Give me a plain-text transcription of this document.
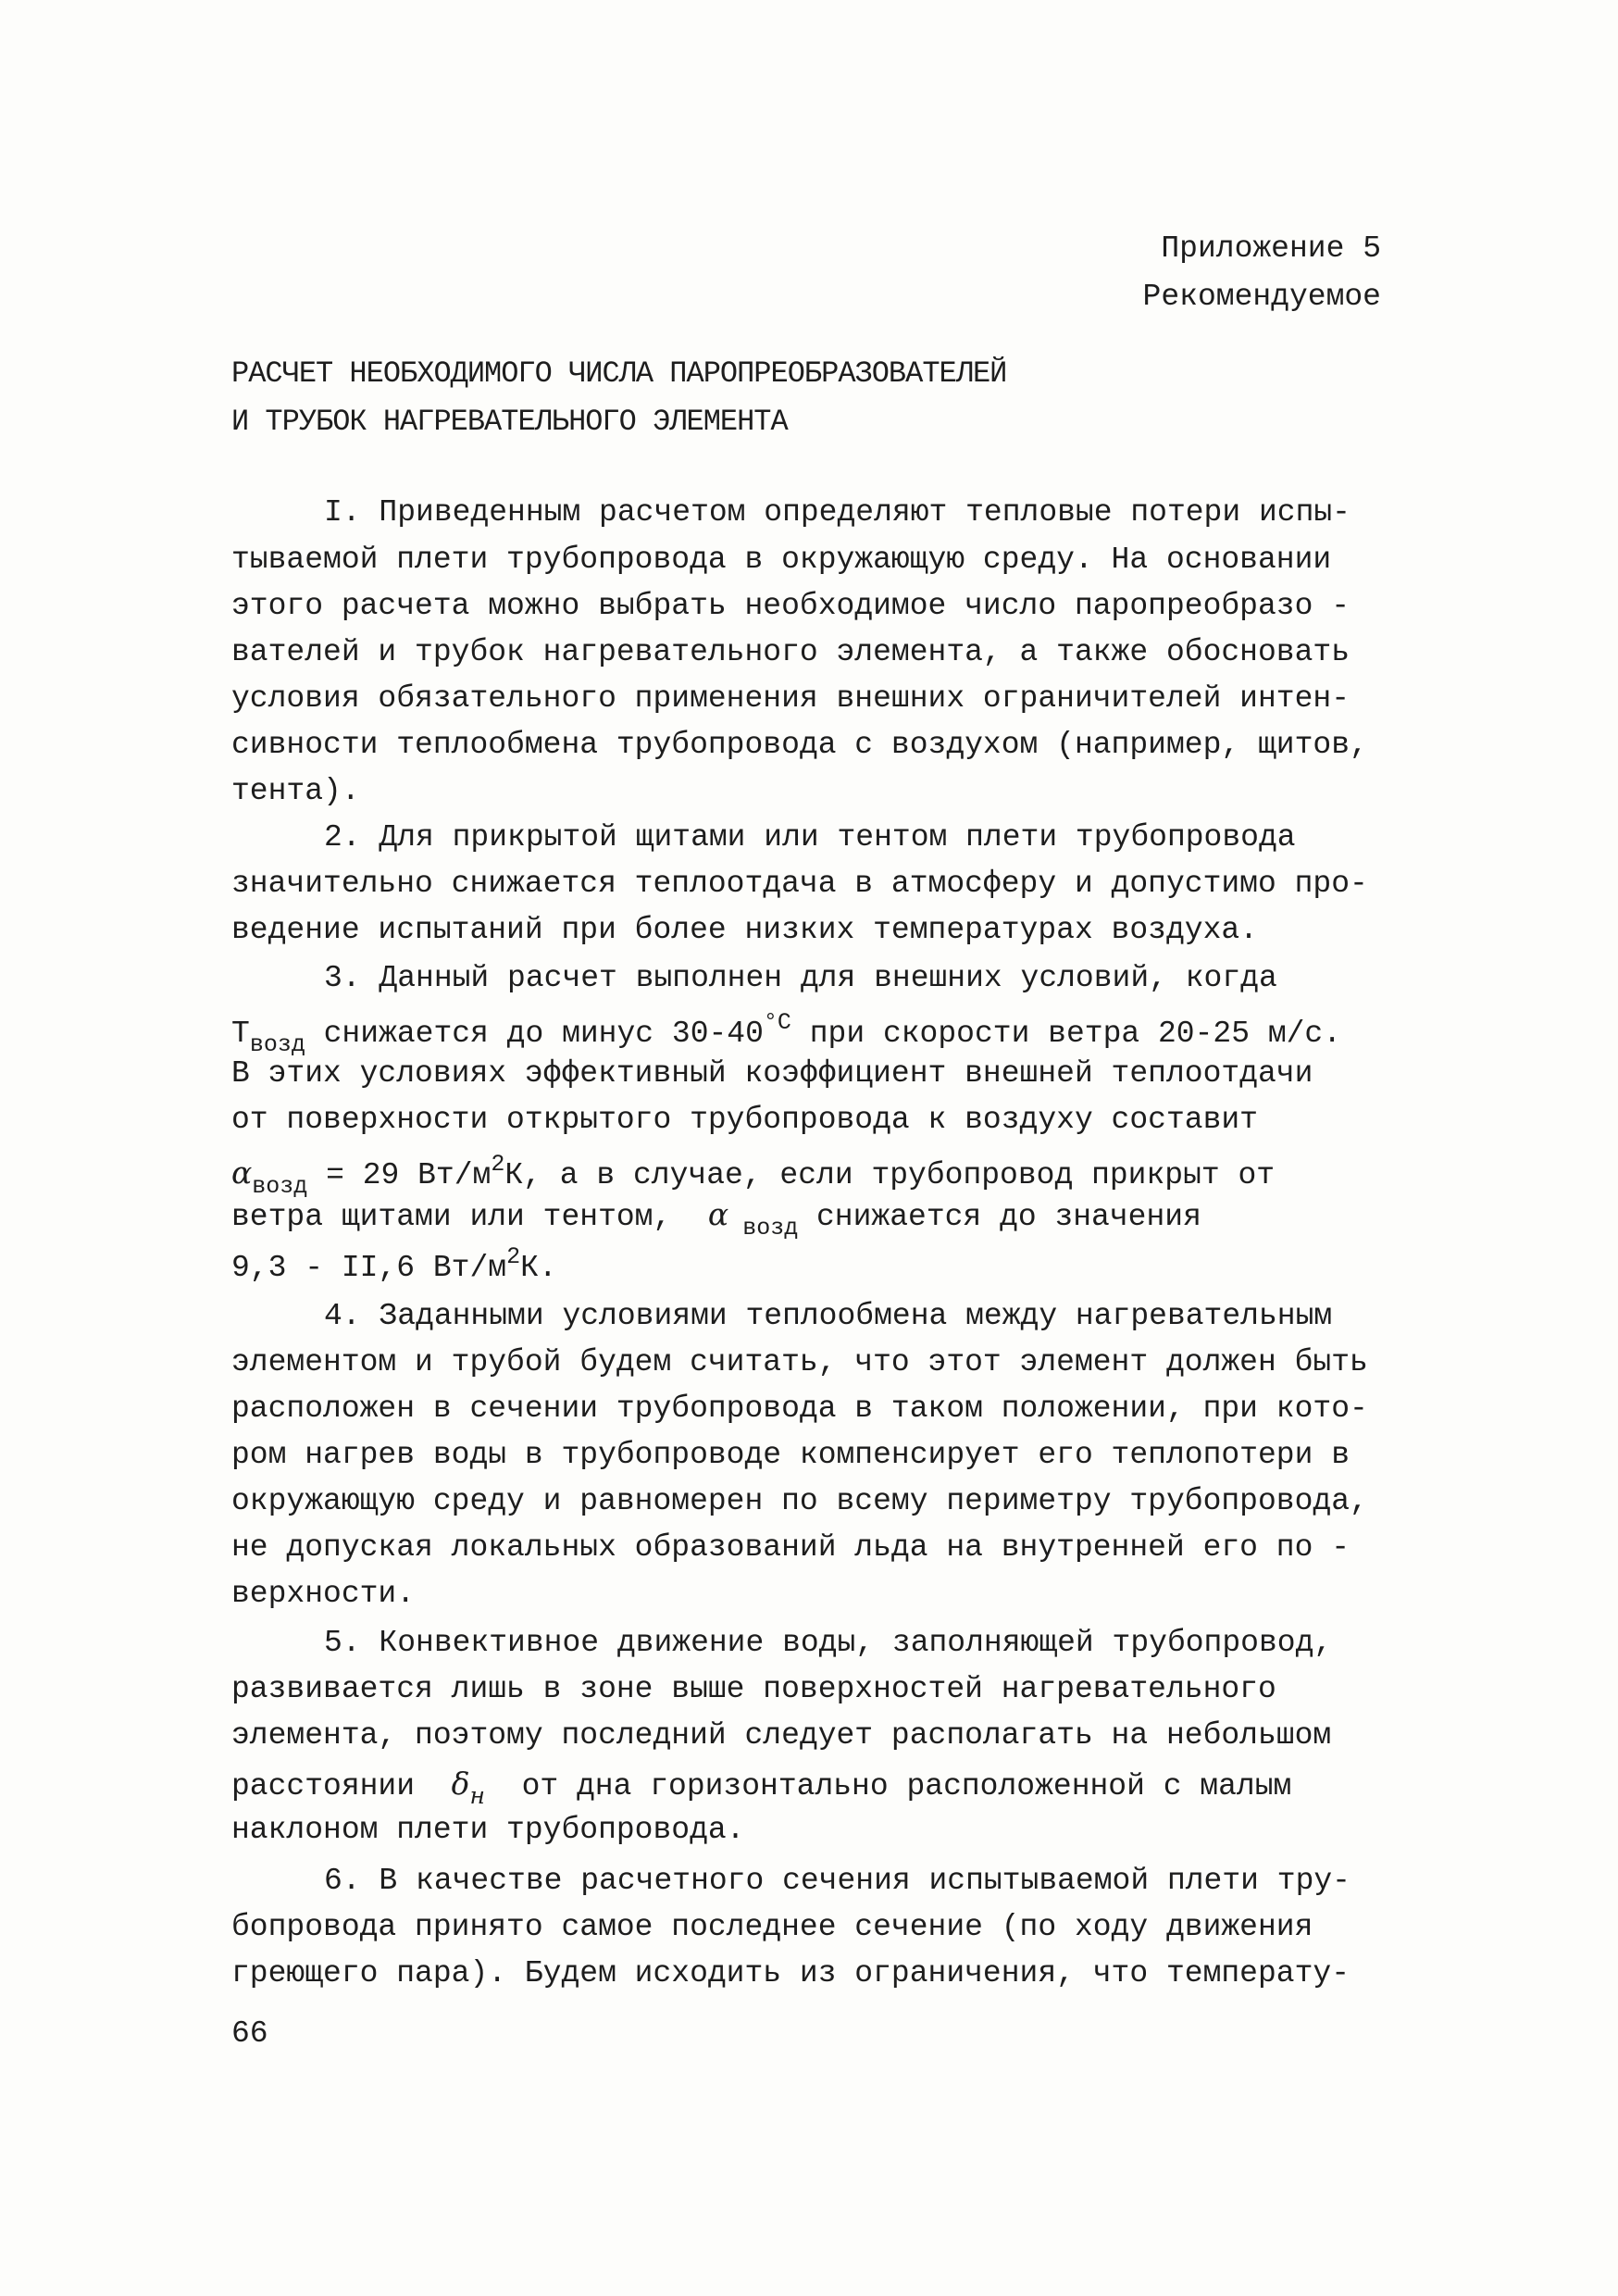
Приложение 5
Рекомендуемое
РАСЧЕТ НЕОБХОДИМОГО ЧИСЛА ПАРОПРЕОБРАЗОВАТЕЛЕЙ
И ТРУБОК НАГРЕВАТЕЛЬНОГО ЭЛЕМЕНТА
I. Приведенным расчетом определяют тепловые потери испы-
тываемой плети трубопровода в окружающую среду. На основании
этого расчета можно выбрать необходимое число паропреобразо -
вателей и трубок нагревательного элемента, а также обосновать
условия обязательного применения внешних ограничителей интен-
сивности теплообмена трубопровода с воздухом (например, щитов,
тента).
2. Для прикрытой щитами или тентом плети трубопровода
значительно снижается теплоотдача в атмосферу и допустимо про-
ведение испытаний при более низких температурах воздуха.
3. Данный расчет выполнен для внешних условий, когда
$T_{возд}$ снижается до минус $30-40^{^\circ C}$ при скорости ветра 20-25 м/с.
В этих условиях эффективный коэффициент внешней теплоотдачи
от поверхности открытого трубопровода к воздуху составит
$\alpha_{возд} = 29$ $Вт/м^2К$, а в случае, если трубопровод прикрыт от
ветра щитами или тентом,  α $_{возд}$ снижается до значения
9,3 - II,6 $Вт/м^2К$.
4. Заданными условиями теплообмена между нагревательным
элементом и трубой будем считать, что этот элемент должен быть
расположен в сечении трубопровода в таком положении, при кото-
ром нагрев воды в трубопроводе компенсирует его теплопотери в
окружающую среду и равномерен по всему периметру трубопровода,
не допуская локальных образований льда на внутренней его по -
верхности.
5. Конвективное движение воды, заполняющей трубопровод,
развивается лишь в зоне выше поверхностей нагревательного
элемента, поэтому последний следует располагать на небольшом
расстоянии  $\delta_н$  от дна горизонтально расположенной с малым
наклоном плети трубопровода.
6. В качестве расчетного сечения испытываемой плети тру-
бопровода принято самое последнее сечение (по ходу движения
греющего пара). Будем исходить из ограничения, что температу-
66
